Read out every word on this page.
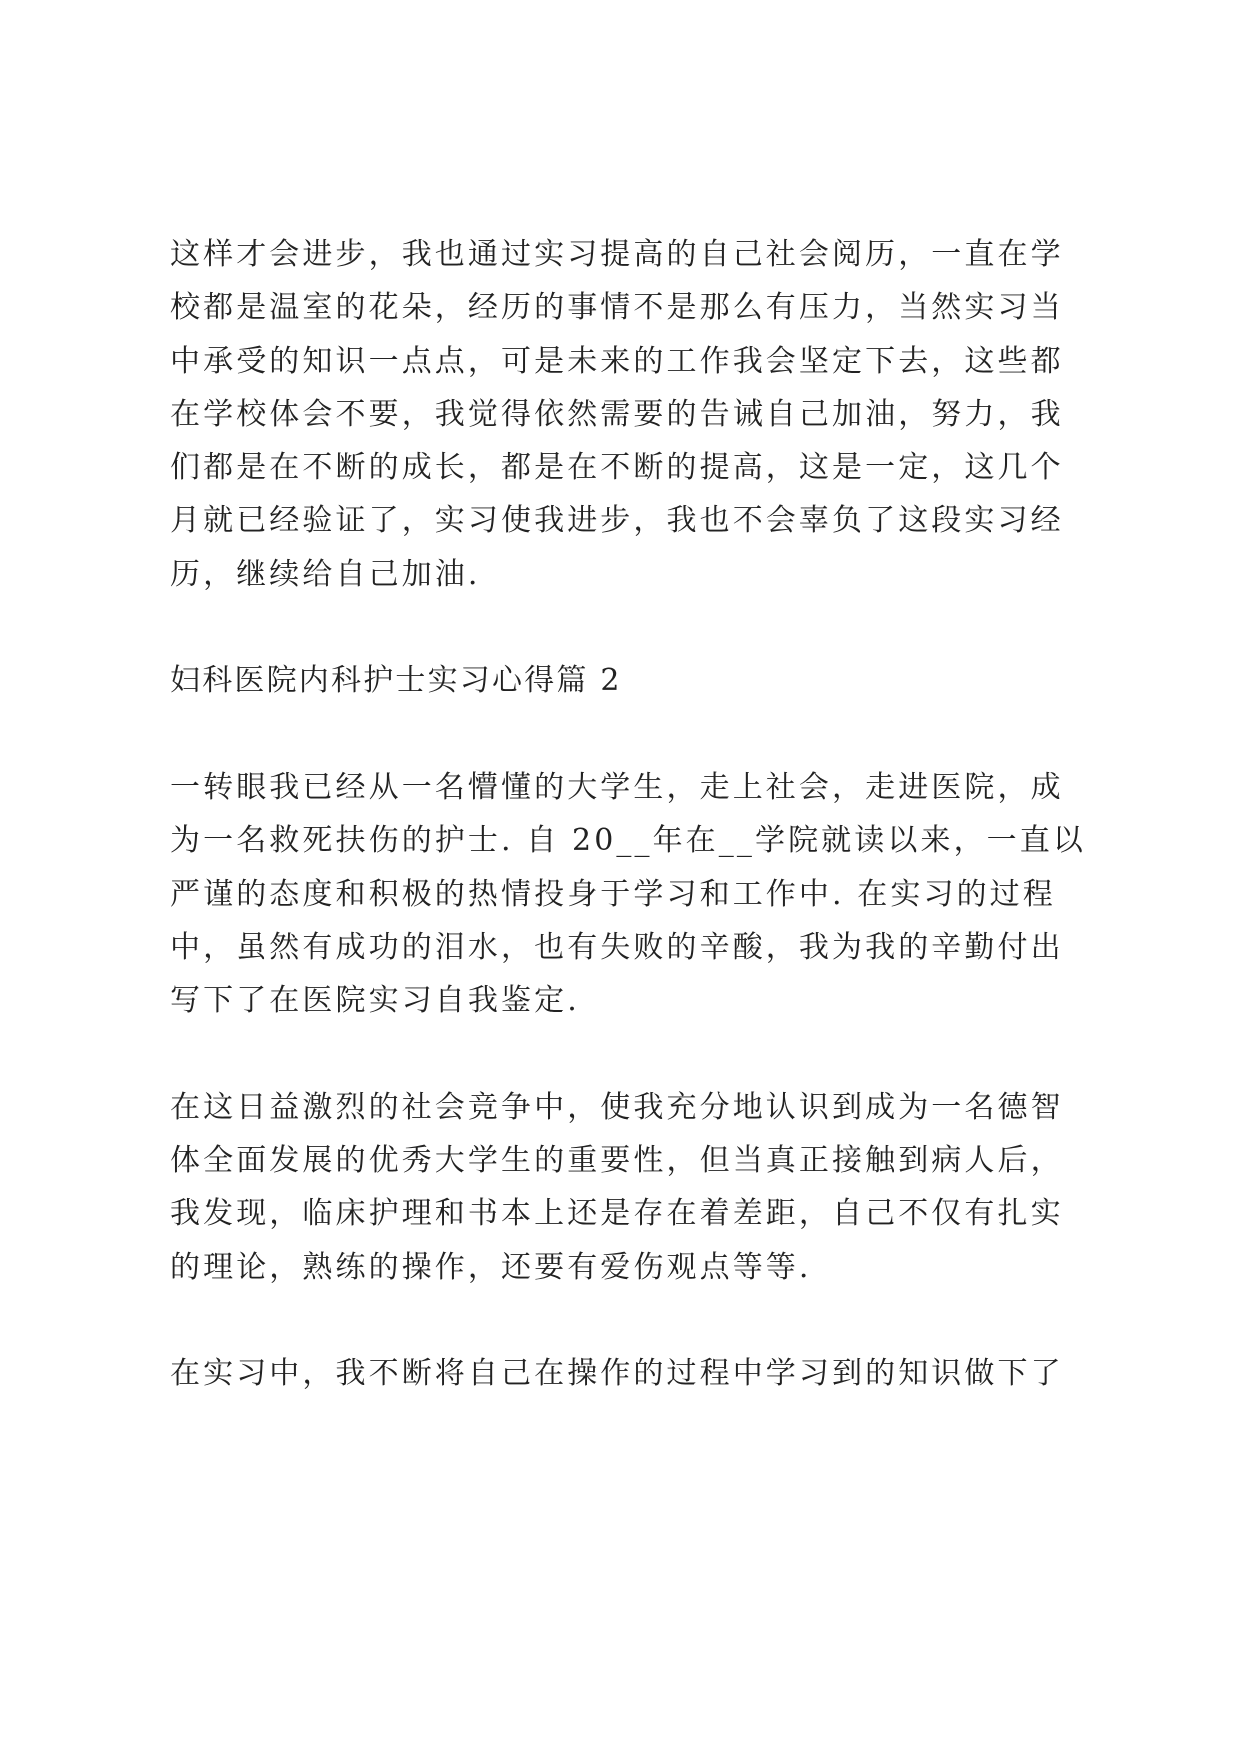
这样才会进步，我也通过实习提高的自己社会阅历，一直在学
校都是温室的花朵，经历的事情不是那么有压力，当然实习当
中承受的知识一点点，可是未来的工作我会坚定下去，这些都
在学校体会不要，我觉得依然需要的告诫自己加油，努力，我
们都是在不断的成长，都是在不断的提高，这是一定，这几个
月就已经验证了，实习使我进步，我也不会辜负了这段实习经
历，继续给自己加油.
妇科医院内科护士实习心得篇 2
一转眼我已经从一名懵懂的大学生，走上社会，走进医院，成
为一名救死扶伤的护士. 自 20__年在__学院就读以来，一直以
严谨的态度和积极的热情投身于学习和工作中. 在实习的过程
中，虽然有成功的泪水，也有失败的辛酸，我为我的辛勤付出
写下了在医院实习自我鉴定.
在这日益激烈的社会竞争中，使我充分地认识到成为一名德智
体全面发展的优秀大学生的重要性，但当真正接触到病人后，
我发现，临床护理和书本上还是存在着差距，自己不仅有扎实
的理论，熟练的操作，还要有爱伤观点等等.
在实习中，我不断将自己在操作的过程中学习到的知识做下了
